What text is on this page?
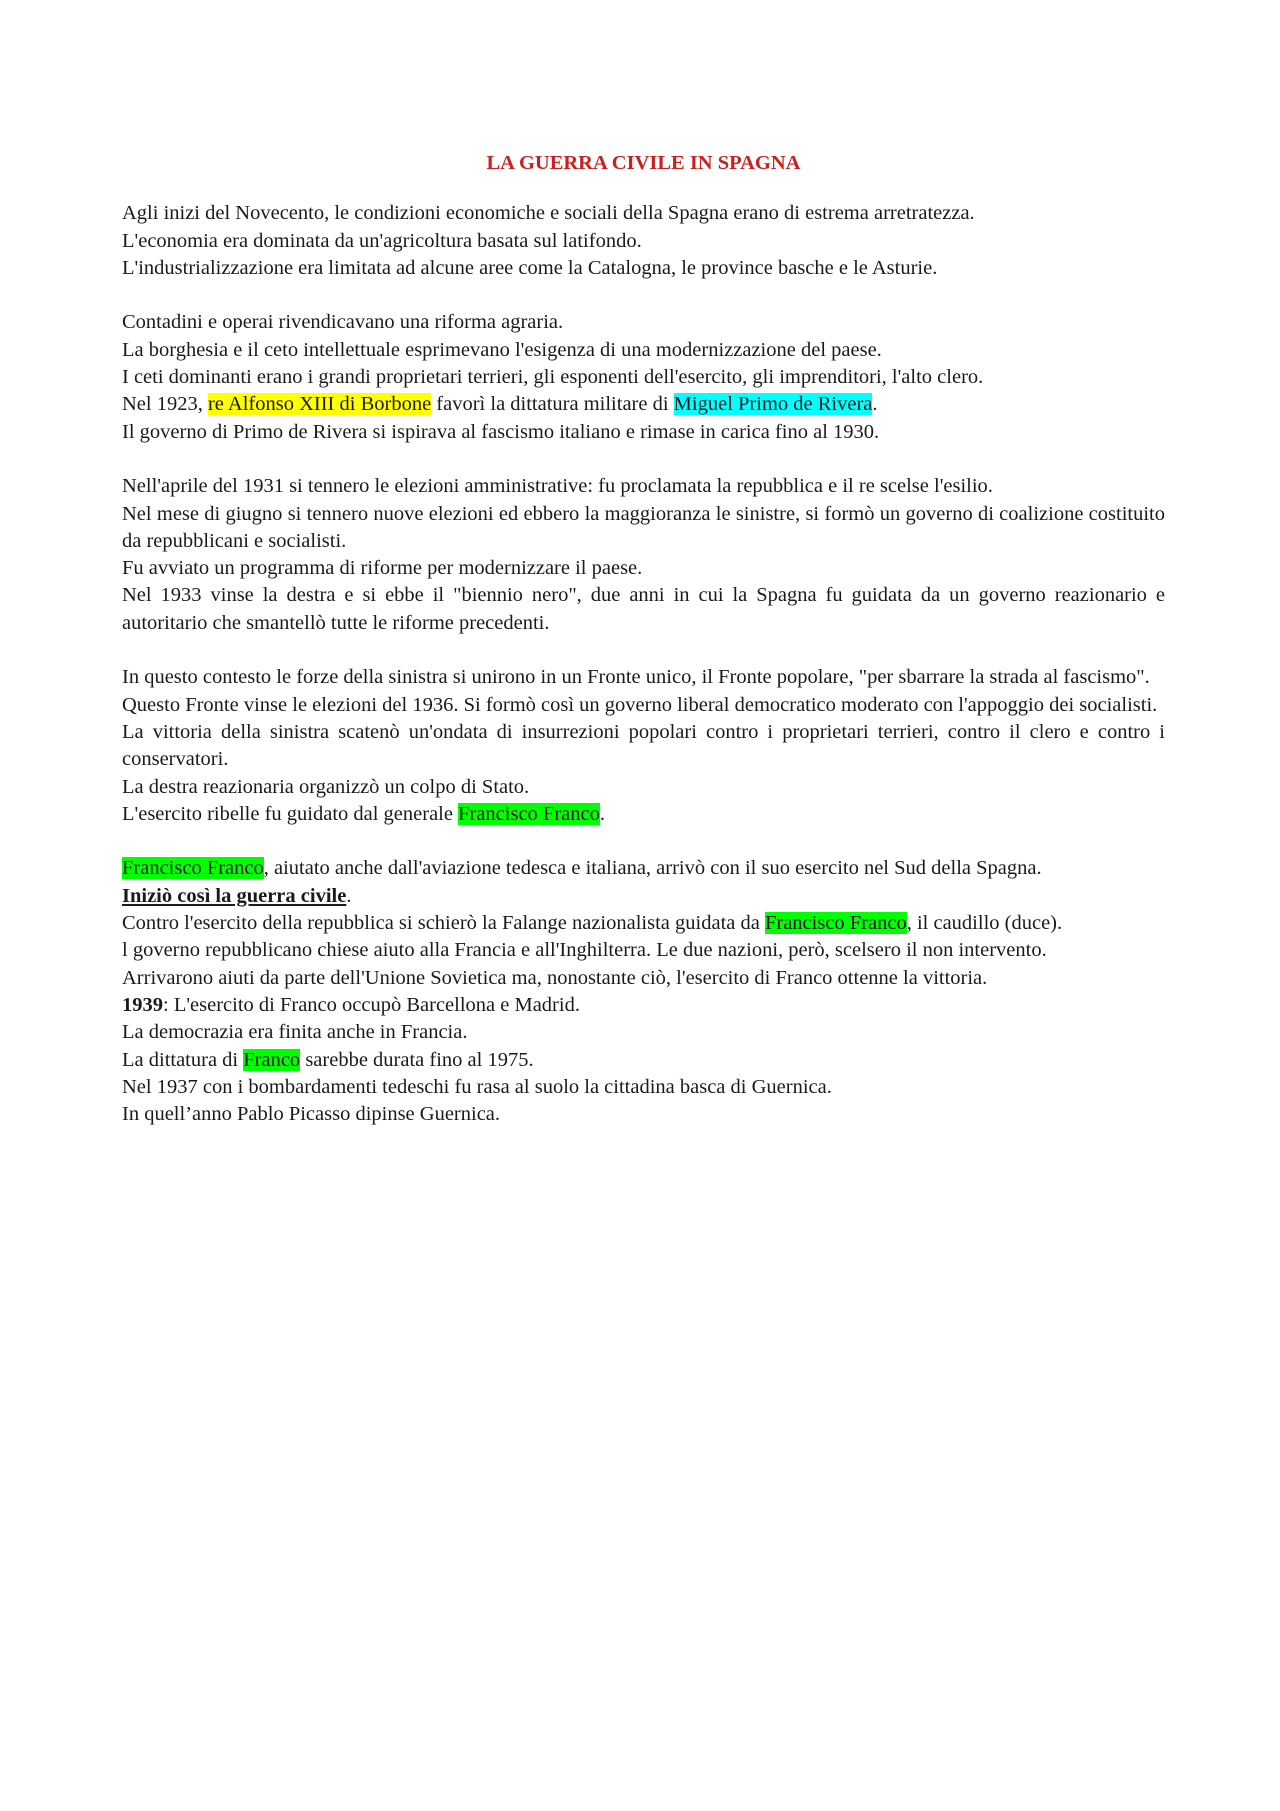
LA GUERRA CIVILE IN SPAGNA
Agli inizi del Novecento, le condizioni economiche e sociali della Spagna erano di estrema arretratezza.
L'economia era dominata da un'agricoltura basata sul latifondo.
L'industrializzazione era limitata ad alcune aree come la Catalogna, le province basche e le Asturie.
Contadini e operai rivendicavano una riforma agraria.
La borghesia e il ceto intellettuale esprimevano l'esigenza di una modernizzazione del paese.
I ceti dominanti erano i grandi proprietari terrieri, gli esponenti dell'esercito, gli imprenditori, l'alto clero.
Nel 1923, re Alfonso XIII di Borbone favorì la dittatura militare di Miguel Primo de Rivera.
Il governo di Primo de Rivera si ispirava al fascismo italiano e rimase in carica fino al 1930.
Nell'aprile del 1931 si tennero le elezioni amministrative: fu proclamata la repubblica e il re scelse l'esilio.
Nel mese di giugno si tennero nuove elezioni ed ebbero la maggioranza le sinistre, si formò un governo di coalizione costituito da repubblicani e socialisti.
Fu avviato un programma di riforme per modernizzare il paese.
Nel 1933 vinse la destra e si ebbe il "biennio nero", due anni in cui la Spagna fu guidata da un governo reazionario e autoritario che smantellò tutte le riforme precedenti.
In questo contesto le forze della sinistra si unirono in un Fronte unico, il Fronte popolare, "per sbarrare la strada al fascismo".
Questo Fronte vinse le elezioni del 1936. Si formò così un governo liberal democratico moderato con l'appoggio dei socialisti.
La vittoria della sinistra scatenò un'ondata di insurrezioni popolari contro i proprietari terrieri, contro il clero e contro i conservatori.
La destra reazionaria organizzò un colpo di Stato.
L'esercito ribelle fu guidato dal generale Francisco Franco.
Francisco Franco, aiutato anche dall'aviazione tedesca e italiana, arrivò con il suo esercito nel Sud della Spagna.
Iniziò così la guerra civile.
Contro l'esercito della repubblica si schierò la Falange nazionalista guidata da Francisco Franco, il caudillo (duce).
l governo repubblicano chiese aiuto alla Francia e all'Inghilterra. Le due nazioni, però, scelsero il non intervento.
Arrivarono aiuti da parte dell'Unione Sovietica ma, nonostante ciò, l'esercito di Franco ottenne la vittoria.
1939: L'esercito di Franco occupò Barcellona e Madrid.
La democrazia era finita anche in Francia.
La dittatura di Franco sarebbe durata fino al 1975.
Nel 1937 con i bombardamenti tedeschi fu rasa al suolo la cittadina basca di Guernica.
In quell’anno Pablo Picasso dipinse Guernica.
